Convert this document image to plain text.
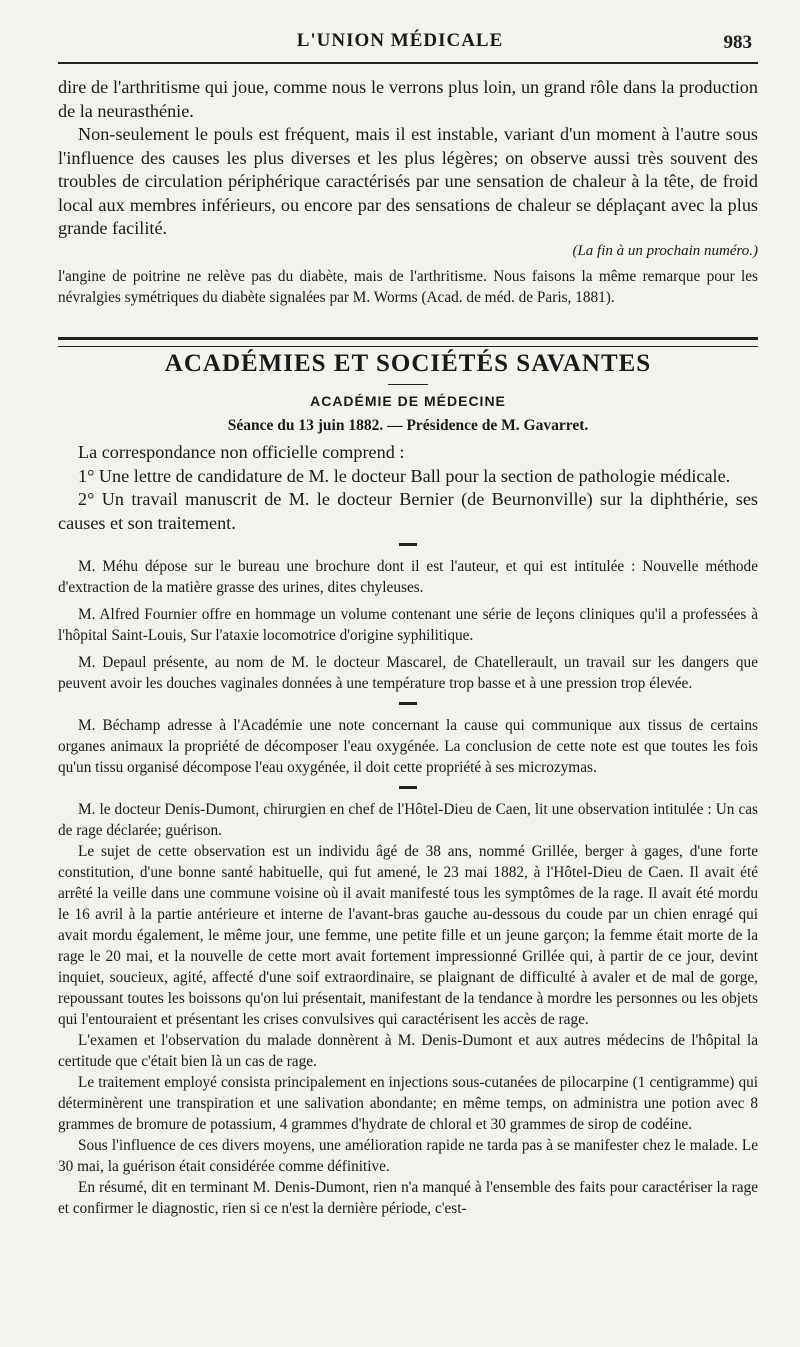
L'UNION MÉDICALE	983

dire de l'arthritisme qui joue, comme nous le verrons plus loin, un grand rôle dans la production de la neurasthénie.

Non-seulement le pouls est fréquent, mais il est instable, variant d'un moment à l'autre sous l'influence des causes les plus diverses et les plus légères; on observe aussi très souvent des troubles de circulation périphérique caractérisés par une sensation de chaleur à la tête, de froid local aux membres inférieurs, ou encore par des sensations de chaleur se déplaçant avec la plus grande facilité.

(La fin à un prochain numéro.)

l'angine de poitrine ne relève pas du diabète, mais de l'arthritisme. Nous faisons la même remarque pour les névralgies symétriques du diabète signalées par M. Worms (Acad. de méd. de Paris, 1881).

ACADÉMIES ET SOCIÉTÉS SAVANTES
ACADÉMIE DE MÉDECINE
Séance du 13 juin 1882. — Présidence de M. Gavarret.

La correspondance non officielle comprend :

1° Une lettre de candidature de M. le docteur Ball pour la section de pathologie médicale.

2° Un travail manuscrit de M. le docteur Bernier (de Beurnonville) sur la diphthérie, ses causes et son traitement.

M. Méhu dépose sur le bureau une brochure dont il est l'auteur, et qui est intitulée : Nouvelle méthode d'extraction de la matière grasse des urines, dites chyleuses.

M. Alfred Fournier offre en hommage un volume contenant une série de leçons cliniques qu'il a professées à l'hôpital Saint-Louis, Sur l'ataxie locomotrice d'origine syphilitique.

M. Depaul présente, au nom de M. le docteur Mascarel, de Chatellerault, un travail sur les dangers que peuvent avoir les douches vaginales données à une température trop basse et à une pression trop élevée.

M. Béchamp adresse à l'Académie une note concernant la cause qui communique aux tissus de certains organes animaux la propriété de décomposer l'eau oxygénée. La conclusion de cette note est que toutes les fois qu'un tissu organisé décompose l'eau oxygénée, il doit cette propriété à ses microzymas.

M. le docteur Denis-Dumont, chirurgien en chef de l'Hôtel-Dieu de Caen, lit une observation intitulée : Un cas de rage déclarée; guérison.

Le sujet de cette observation est un individu âgé de 38 ans, nommé Grillée, berger à gages, d'une forte constitution, d'une bonne santé habituelle, qui fut amené, le 23 mai 1882, à l'Hôtel-Dieu de Caen. Il avait été arrêté la veille dans une commune voisine où il avait manifesté tous les symptômes de la rage. Il avait été mordu le 16 avril à la partie antérieure et interne de l'avant-bras gauche au-dessous du coude par un chien enragé qui avait mordu également, le même jour, une femme, une petite fille et un jeune garçon; la femme était morte de la rage le 20 mai, et la nouvelle de cette mort avait fortement impressionné Grillée qui, à partir de ce jour, devint inquiet, soucieux, agité, affecté d'une soif extraordinaire, se plaignant de difficulté à avaler et de mal de gorge, repoussant toutes les boissons qu'on lui présentait, manifestant de la tendance à mordre les personnes ou les objets qui l'entouraient et présentant les crises convulsives qui caractérisent les accès de rage.

L'examen et l'observation du malade donnèrent à M. Denis-Dumont et aux autres médecins de l'hôpital la certitude que c'était bien là un cas de rage.

Le traitement employé consista principalement en injections sous-cutanées de pilocarpine (1 centigramme) qui déterminèrent une transpiration et une salivation abondante; en même temps, on administra une potion avec 8 grammes de bromure de potassium, 4 grammes d'hydrate de chloral et 30 grammes de sirop de codéine.

Sous l'influence de ces divers moyens, une amélioration rapide ne tarda pas à se manifester chez le malade. Le 30 mai, la guérison était considérée comme définitive.

En résumé, dit en terminant M. Denis-Dumont, rien n'a manqué à l'ensemble des faits pour caractériser la rage et confirmer le diagnostic, rien si ce n'est la dernière période, c'est-
